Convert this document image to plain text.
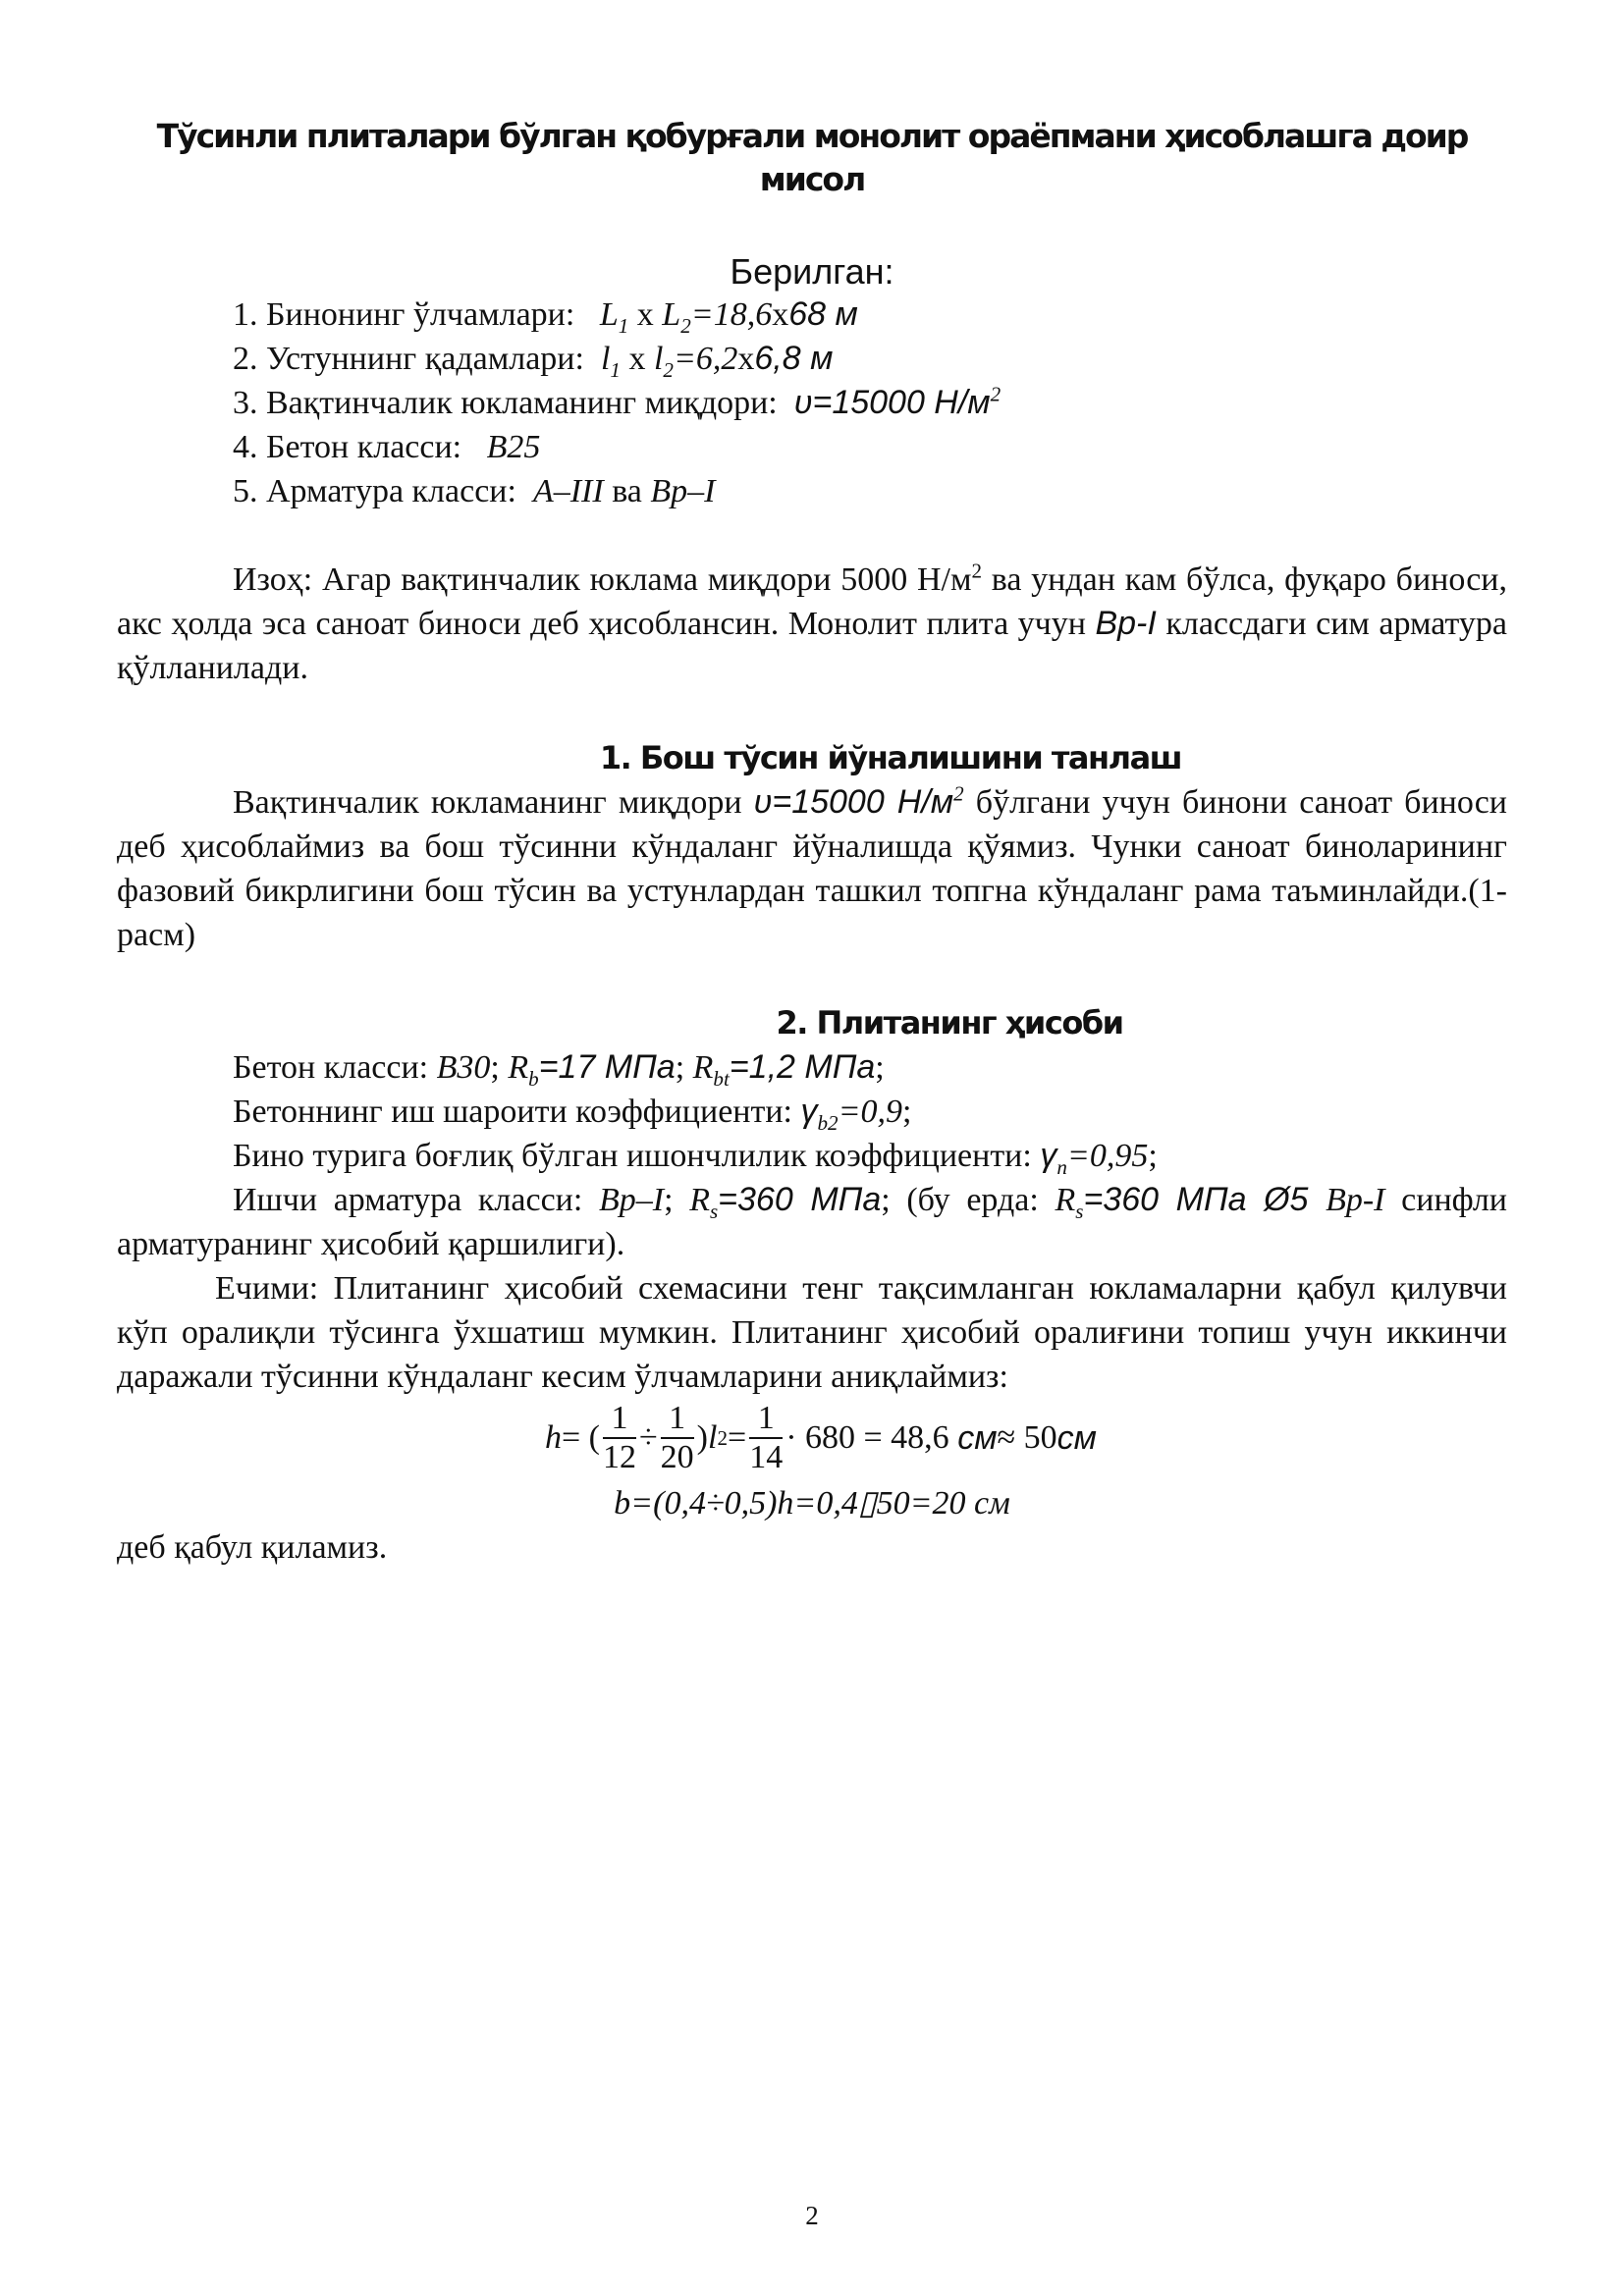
Тўсинли плиталари бўлган қобурғали монолит ораёпмани ҳисоблашга доир мисол
Берилган:
1. Бинонинг ўлчамлари: $L_1$ х $L_2=18,6х68$ м
2. Устуннинг қадамлари: $l_1$ х $l_2=6,2х6,8$ м
3. Вақтинчалик юкламанинг миқдори: υ=15000 $Н/м^2$
4. Бетон класси: В25
5. Арматура класси: А–III ва Вр–I

Изоҳ: Агар вақтинчалик юклама миқдори 5000 $Н/м^2$ ва ундан кам бўлса, фуқаро биноси, акс ҳолда эса саноат биноси деб ҳисоблансин. Монолит плита учун Вр-I классдаги сим арматура қўлланилади.

1. Бош тўсин йўналишини танлаш

Вақтинчалик юкламанинг миқдори υ=15000 $Н/м^2$ бўлгани учун бинони саноат биноси деб ҳисоблаймиз ва бош тўсинни кўндаланг йўналишда қўямиз. Чунки саноат биноларининг фазовий бикрлигини бош тўсин ва устунлардан ташкил топгна кўндаланг рама таъминлайди.(1-расм)

2. Плитанинг ҳисоби

Бетон класси: В30; $R_b=17$ МПа; $R_{bt}=1,2$ МПа;

Бетоннинг иш шароити коэффициенти: $\gamma_{b2}=0,9$;

Бино турига боғлиқ бўлган ишончлилик коэффициенти: $\gamma_n=0,95$;

Ишчи арматура класси: Вр–I; $R_s=360$ МПа; (бу ерда: $R_s=360$ МПа Ø5 Вр-I синфли арматуранинг ҳисобий қаршилиги).

Ечими: Плитанинг ҳисобий схемасини тенг тақсимланган юкламаларни қабул қилувчи кўп оралиқли тўсинга ўхшатиш мумкин. Плитанинг ҳисобий оралиғини топиш учун иккинчи даражали тўсинни кўндаланг кесим ўлчамларини аниқлаймиз:

h = ( $\frac{1}{12} \div \frac{1}{20}$ ) l $2 = \frac{1}{14} \cdot 680 = 48,6$
см ≈ 50 см
b=(0,4÷0,5)h=0,4▯50=20 см
деб қабул қиламиз.
2
